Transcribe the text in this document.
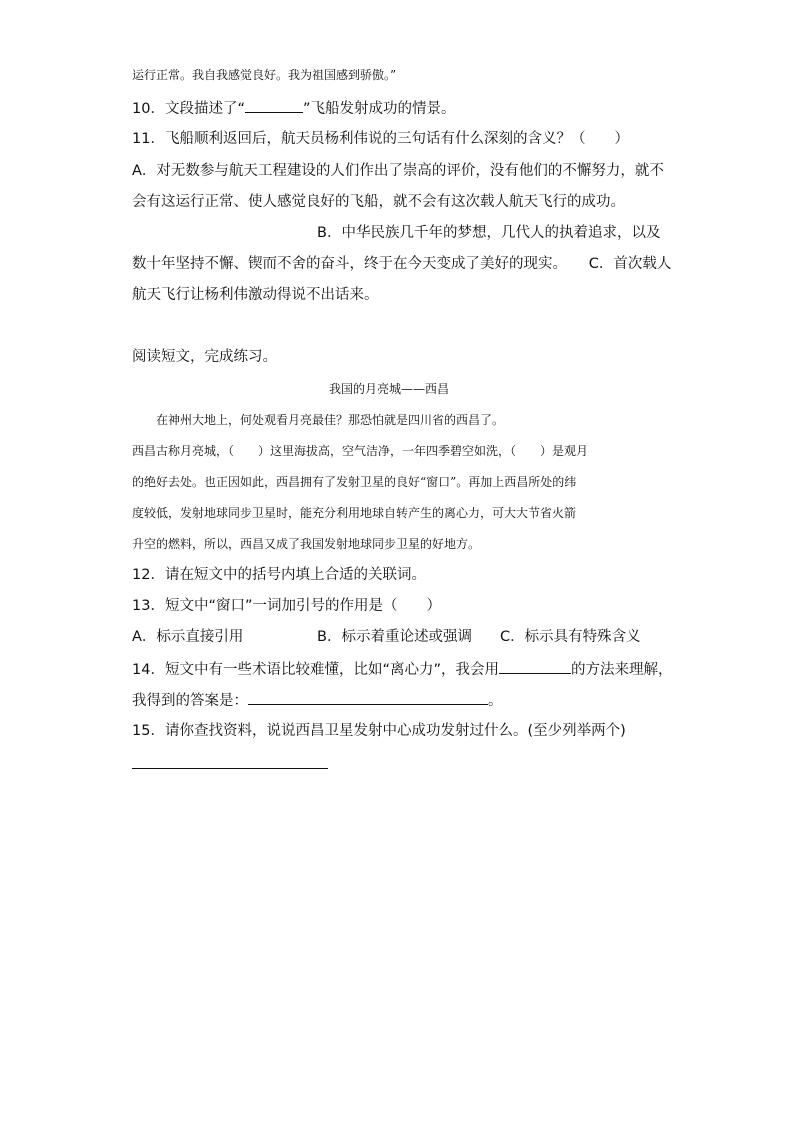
运行正常。我自我感觉良好。我为祖国感到骄傲。”
10．文段描述了“	”飞船发射成功的情景。
11．飞船顺利返回后，航天员杨利伟说的三句话有什么深刻的含义？（　　）
A．对无数参与航天工程建设的人们作出了崇高的评价，没有他们的不懈努力，就不
会有这运行正常、使人感觉良好的飞船，就不会有这次载人航天飞行的成功。
B．中华民族几千年的梦想，几代人的执着追求，以及
数十年坚持不懈、锲而不舍的奋斗，终于在今天变成了美好的现实。　　C．首次载人
航天飞行让杨利伟激动得说不出话来。
阅读短文，完成练习。
我国的月亮城——西昌
在神州大地上，何处观看月亮最佳？那恐怕就是四川省的西昌了。
西昌古称月亮城，（　　）这里海拔高，空气洁净，一年四季碧空如洗，（　　）是观月
的绝好去处。也正因如此，西昌拥有了发射卫星的良好“窗口”。再加上西昌所处的纬
度较低，发射地球同步卫星时，能充分利用地球自转产生的离心力，可大大节省火箭
升空的燃料，所以，西昌又成了我国发射地球同步卫星的好地方。
12．请在短文中的括号内填上合适的关联词。
13．短文中“窗口”一词加引号的作用是（　　）
A．标示直接引用	B．标示着重论述或强调 C．标示具有特殊含义
14．短文中有一些术语比较难懂，比如“离心力”，我会用	的方法来理解，
我得到的答案是：	。
15．请你查找资料，说说西昌卫星发射中心成功发射过什么。(至少列举两个)
